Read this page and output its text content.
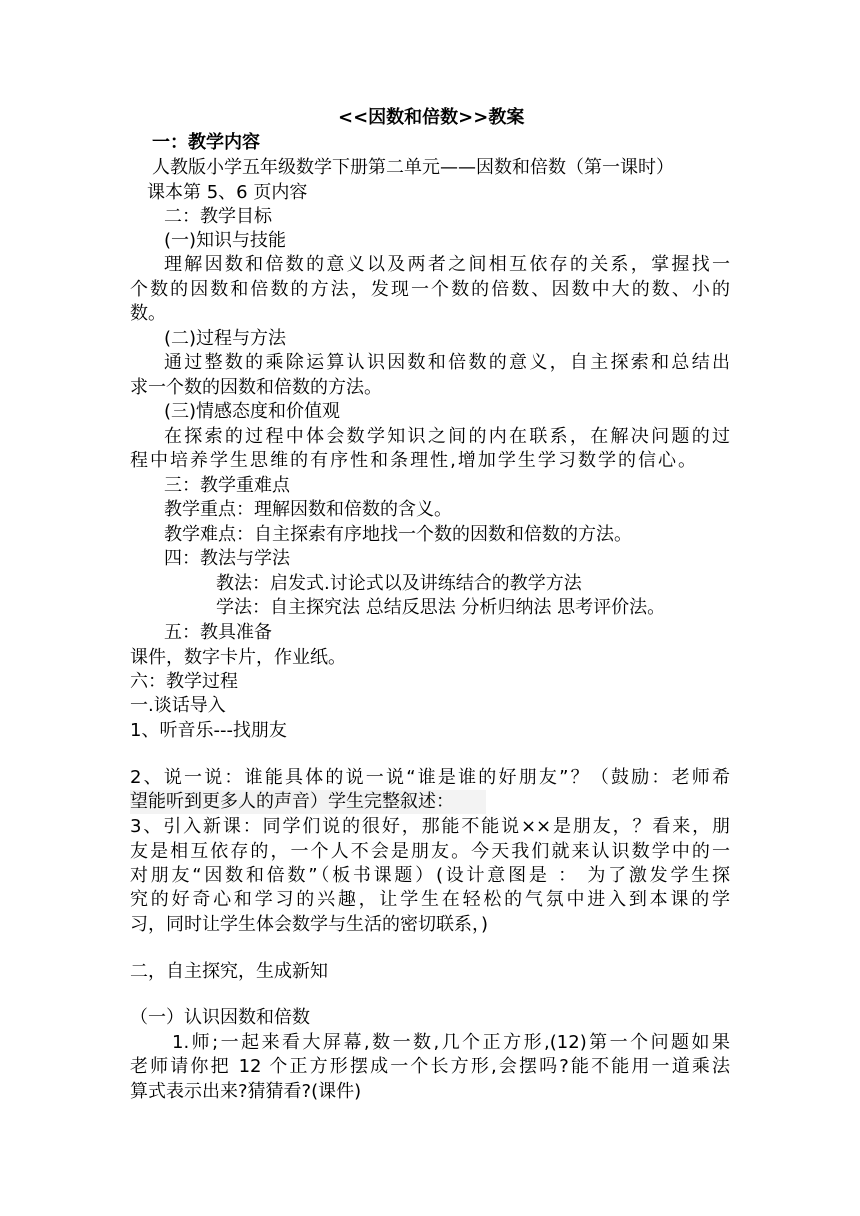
<<因数和倍数>>教案
一：教学内容
人教版小学五年级数学下册第二单元——因数和倍数（第一课时）
课本第 5、6 页内容
二：教学目标
(一)知识与技能
理解因数和倍数的意义以及两者之间相互依存的关系，掌握找一
个数的因数和倍数的方法，发现一个数的倍数、因数中大的数、小的
数。
(二)过程与方法
通过整数的乘除运算认识因数和倍数的意义，自主探索和总结出
求一个数的因数和倍数的方法。
(三)情感态度和价值观
在探索的过程中体会数学知识之间的内在联系，在解决问题的过
程中培养学生思维的有序性和条理性,增加学生学习数学的信心。
三：教学重难点
教学重点：理解因数和倍数的含义。
教学难点：自主探索有序地找一个数的因数和倍数的方法。
四：教法与学法
教法：启发式.讨论式以及讲练结合的教学方法
学法：自主探究法 总结反思法 分析归纳法 思考评价法。
五：教具准备
课件，数字卡片，作业纸。
六：教学过程
一.谈话导入
1、听音乐---找朋友
2、说一说：谁能具体的说一说“谁是谁的好朋友”？（鼓励：老师希
望能听到更多人的声音）学生完整叙述：
3、引入新课：同学们说的很好，那能不能说××是朋友，？看来，朋
友是相互依存的，一个人不会是朋友。今天我们就来认识数学中的一
对朋友“因数和倍数”（板书课题）(设计意图是 ： 为了激发学生探
究的好奇心和学习的兴趣，让学生在轻松的气氛中进入到本课的学
习，同时让学生体会数学与生活的密切联系，)
二，自主探究，生成新知
（一）认识因数和倍数
1.师;一起来看大屏幕,数一数,几个正方形,(12)第一个问题如果
老师请你把 12 个正方形摆成一个长方形,会摆吗?能不能用一道乘法
算式表示出来?猜猜看?(课件)
